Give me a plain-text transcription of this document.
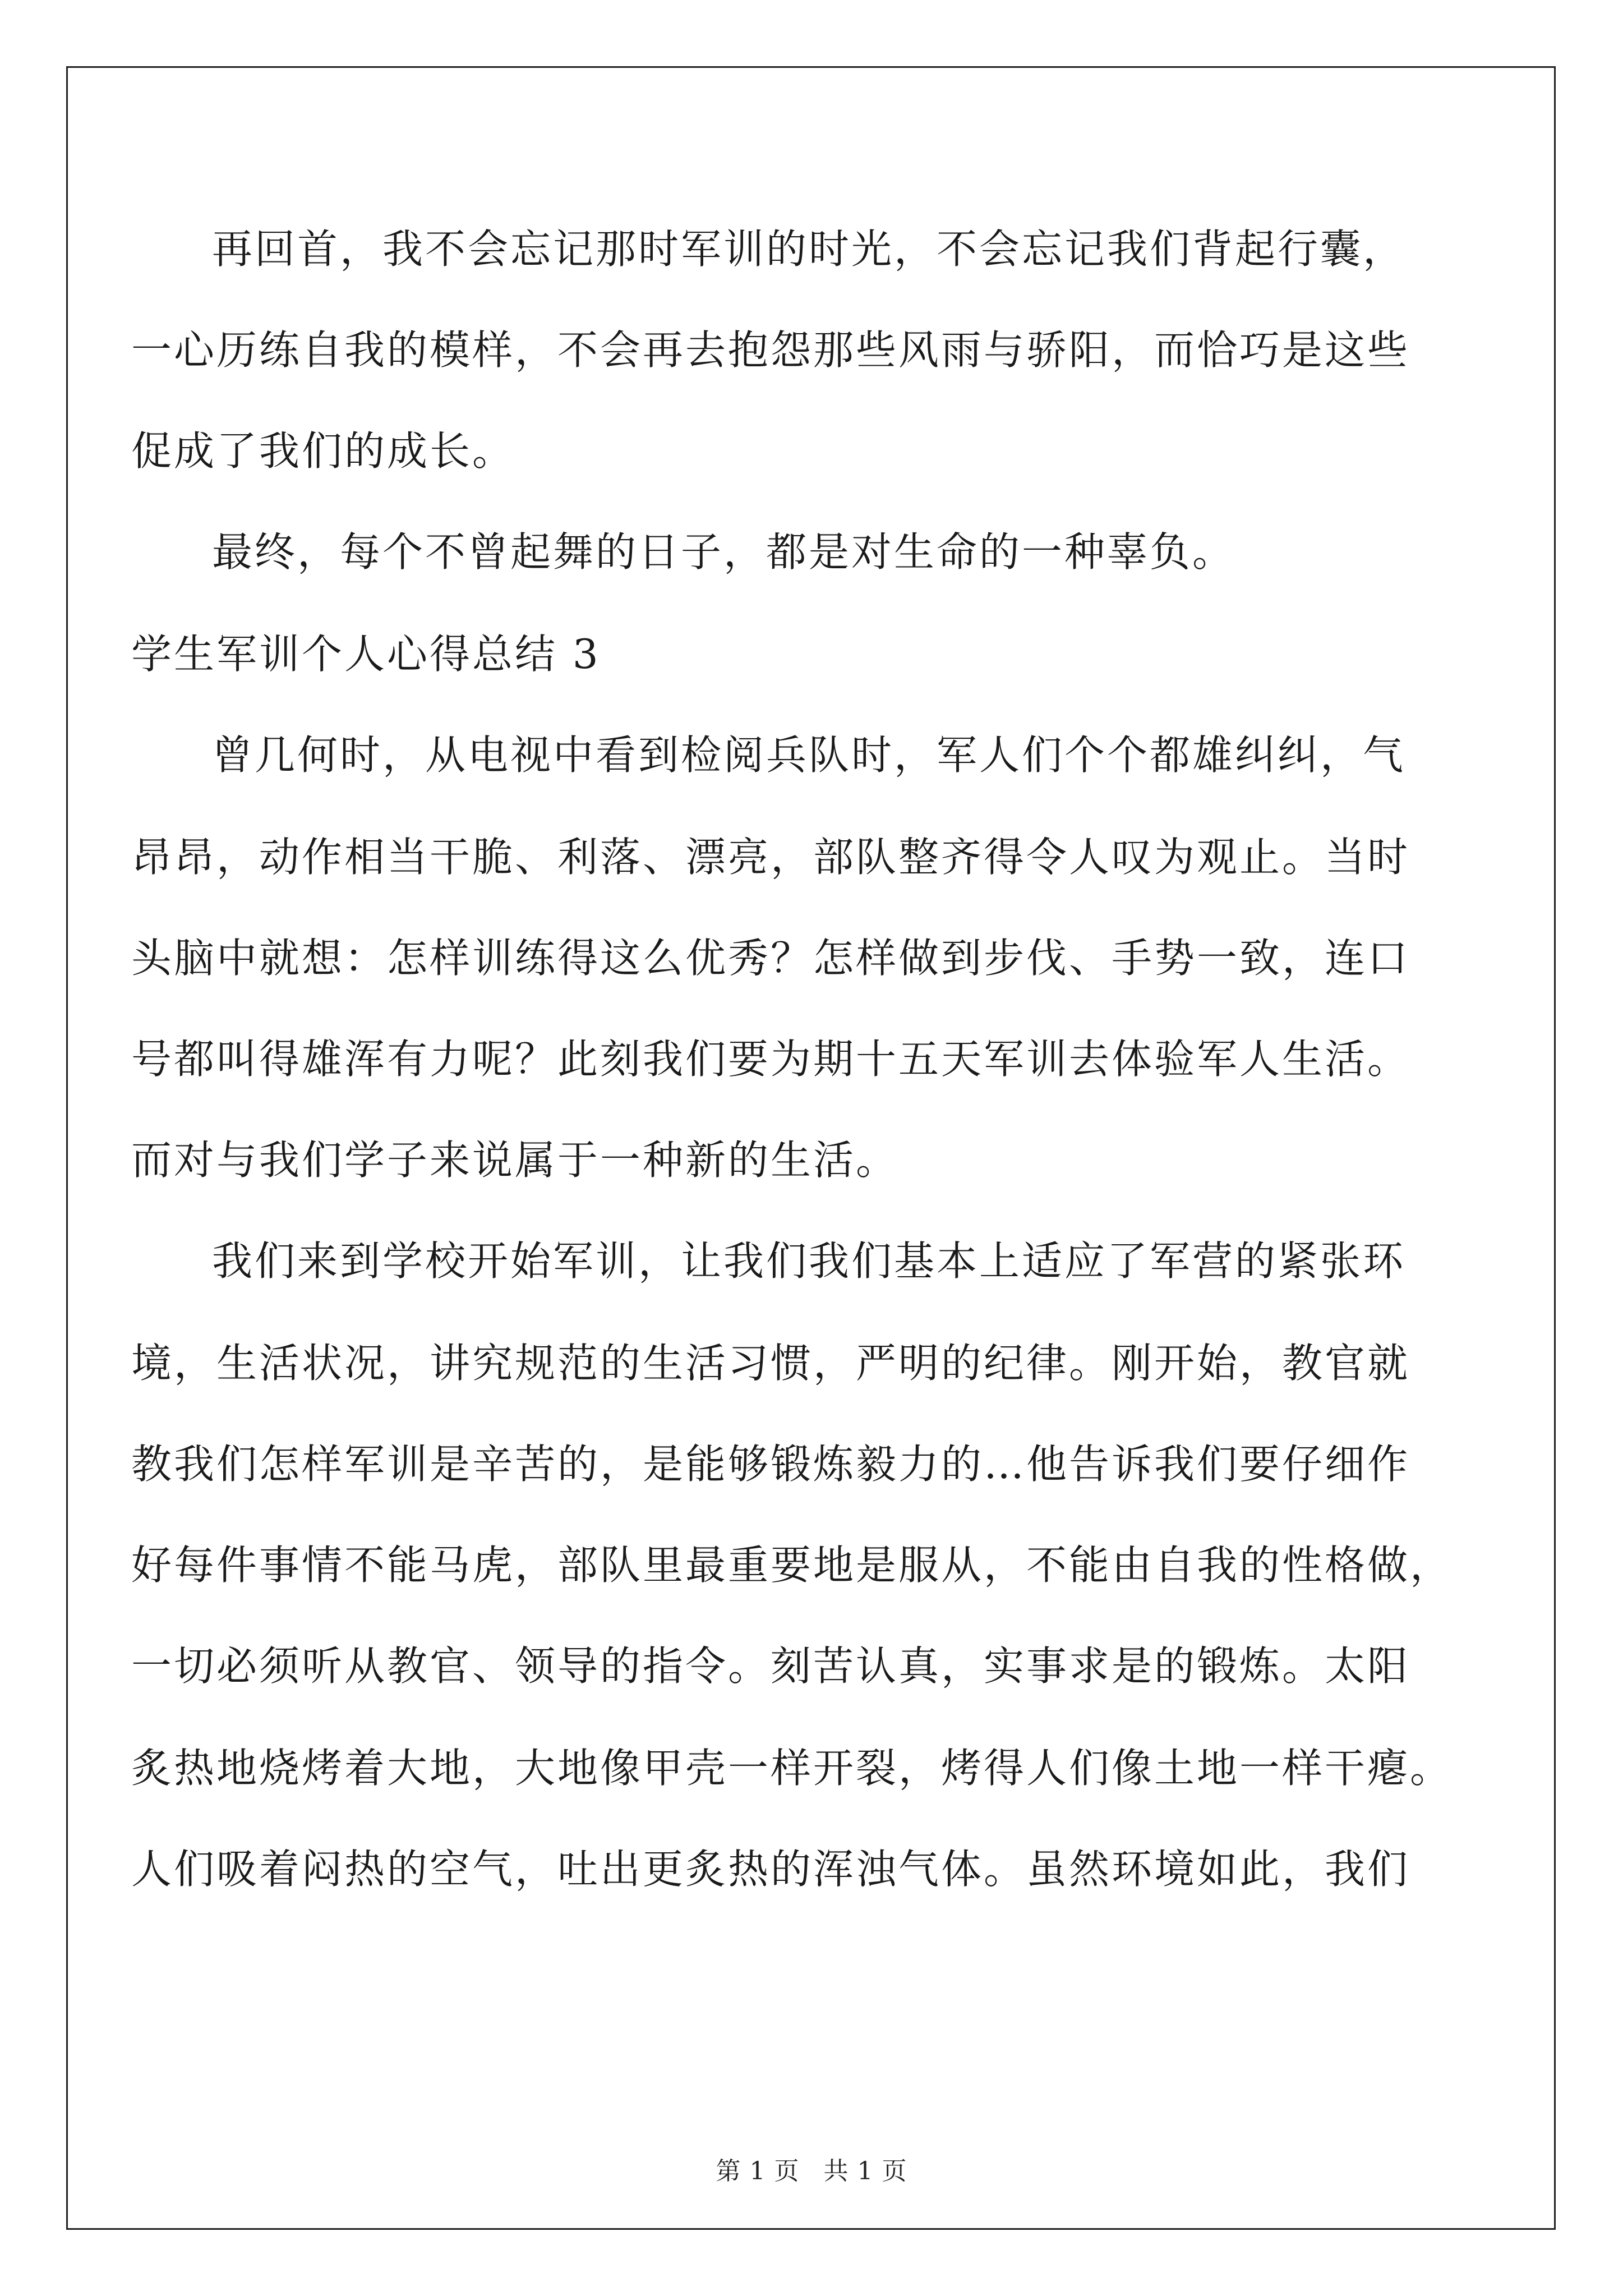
再回首，我不会忘记那时军训的时光，不会忘记我们背起行囊，
一心历练自我的模样，不会再去抱怨那些风雨与骄阳，而恰巧是这些
促成了我们的成长。
最终，每个不曾起舞的日子，都是对生命的一种辜负。
学生军训个人心得总结 3
曾几何时，从电视中看到检阅兵队时，军人们个个都雄纠纠，气
昂昂，动作相当干脆、利落、漂亮，部队整齐得令人叹为观止。当时
头脑中就想：怎样训练得这么优秀？怎样做到步伐、手势一致，连口
号都叫得雄浑有力呢？此刻我们要为期十五天军训去体验军人生活。
而对与我们学子来说属于一种新的生活。
我们来到学校开始军训，让我们我们基本上适应了军营的紧张环
境，生活状况，讲究规范的生活习惯，严明的纪律。刚开始，教官就
教我们怎样军训是辛苦的，是能够锻炼毅力的…他告诉我们要仔细作
好每件事情不能马虎，部队里最重要地是服从，不能由自我的性格做，
一切必须听从教官、领导的指令。刻苦认真，实事求是的锻炼。太阳
炙热地烧烤着大地，大地像甲壳一样开裂，烤得人们像土地一样干瘪。
人们吸着闷热的空气，吐出更炙热的浑浊气体。虽然环境如此，我们
第 1 页 共 1 页
